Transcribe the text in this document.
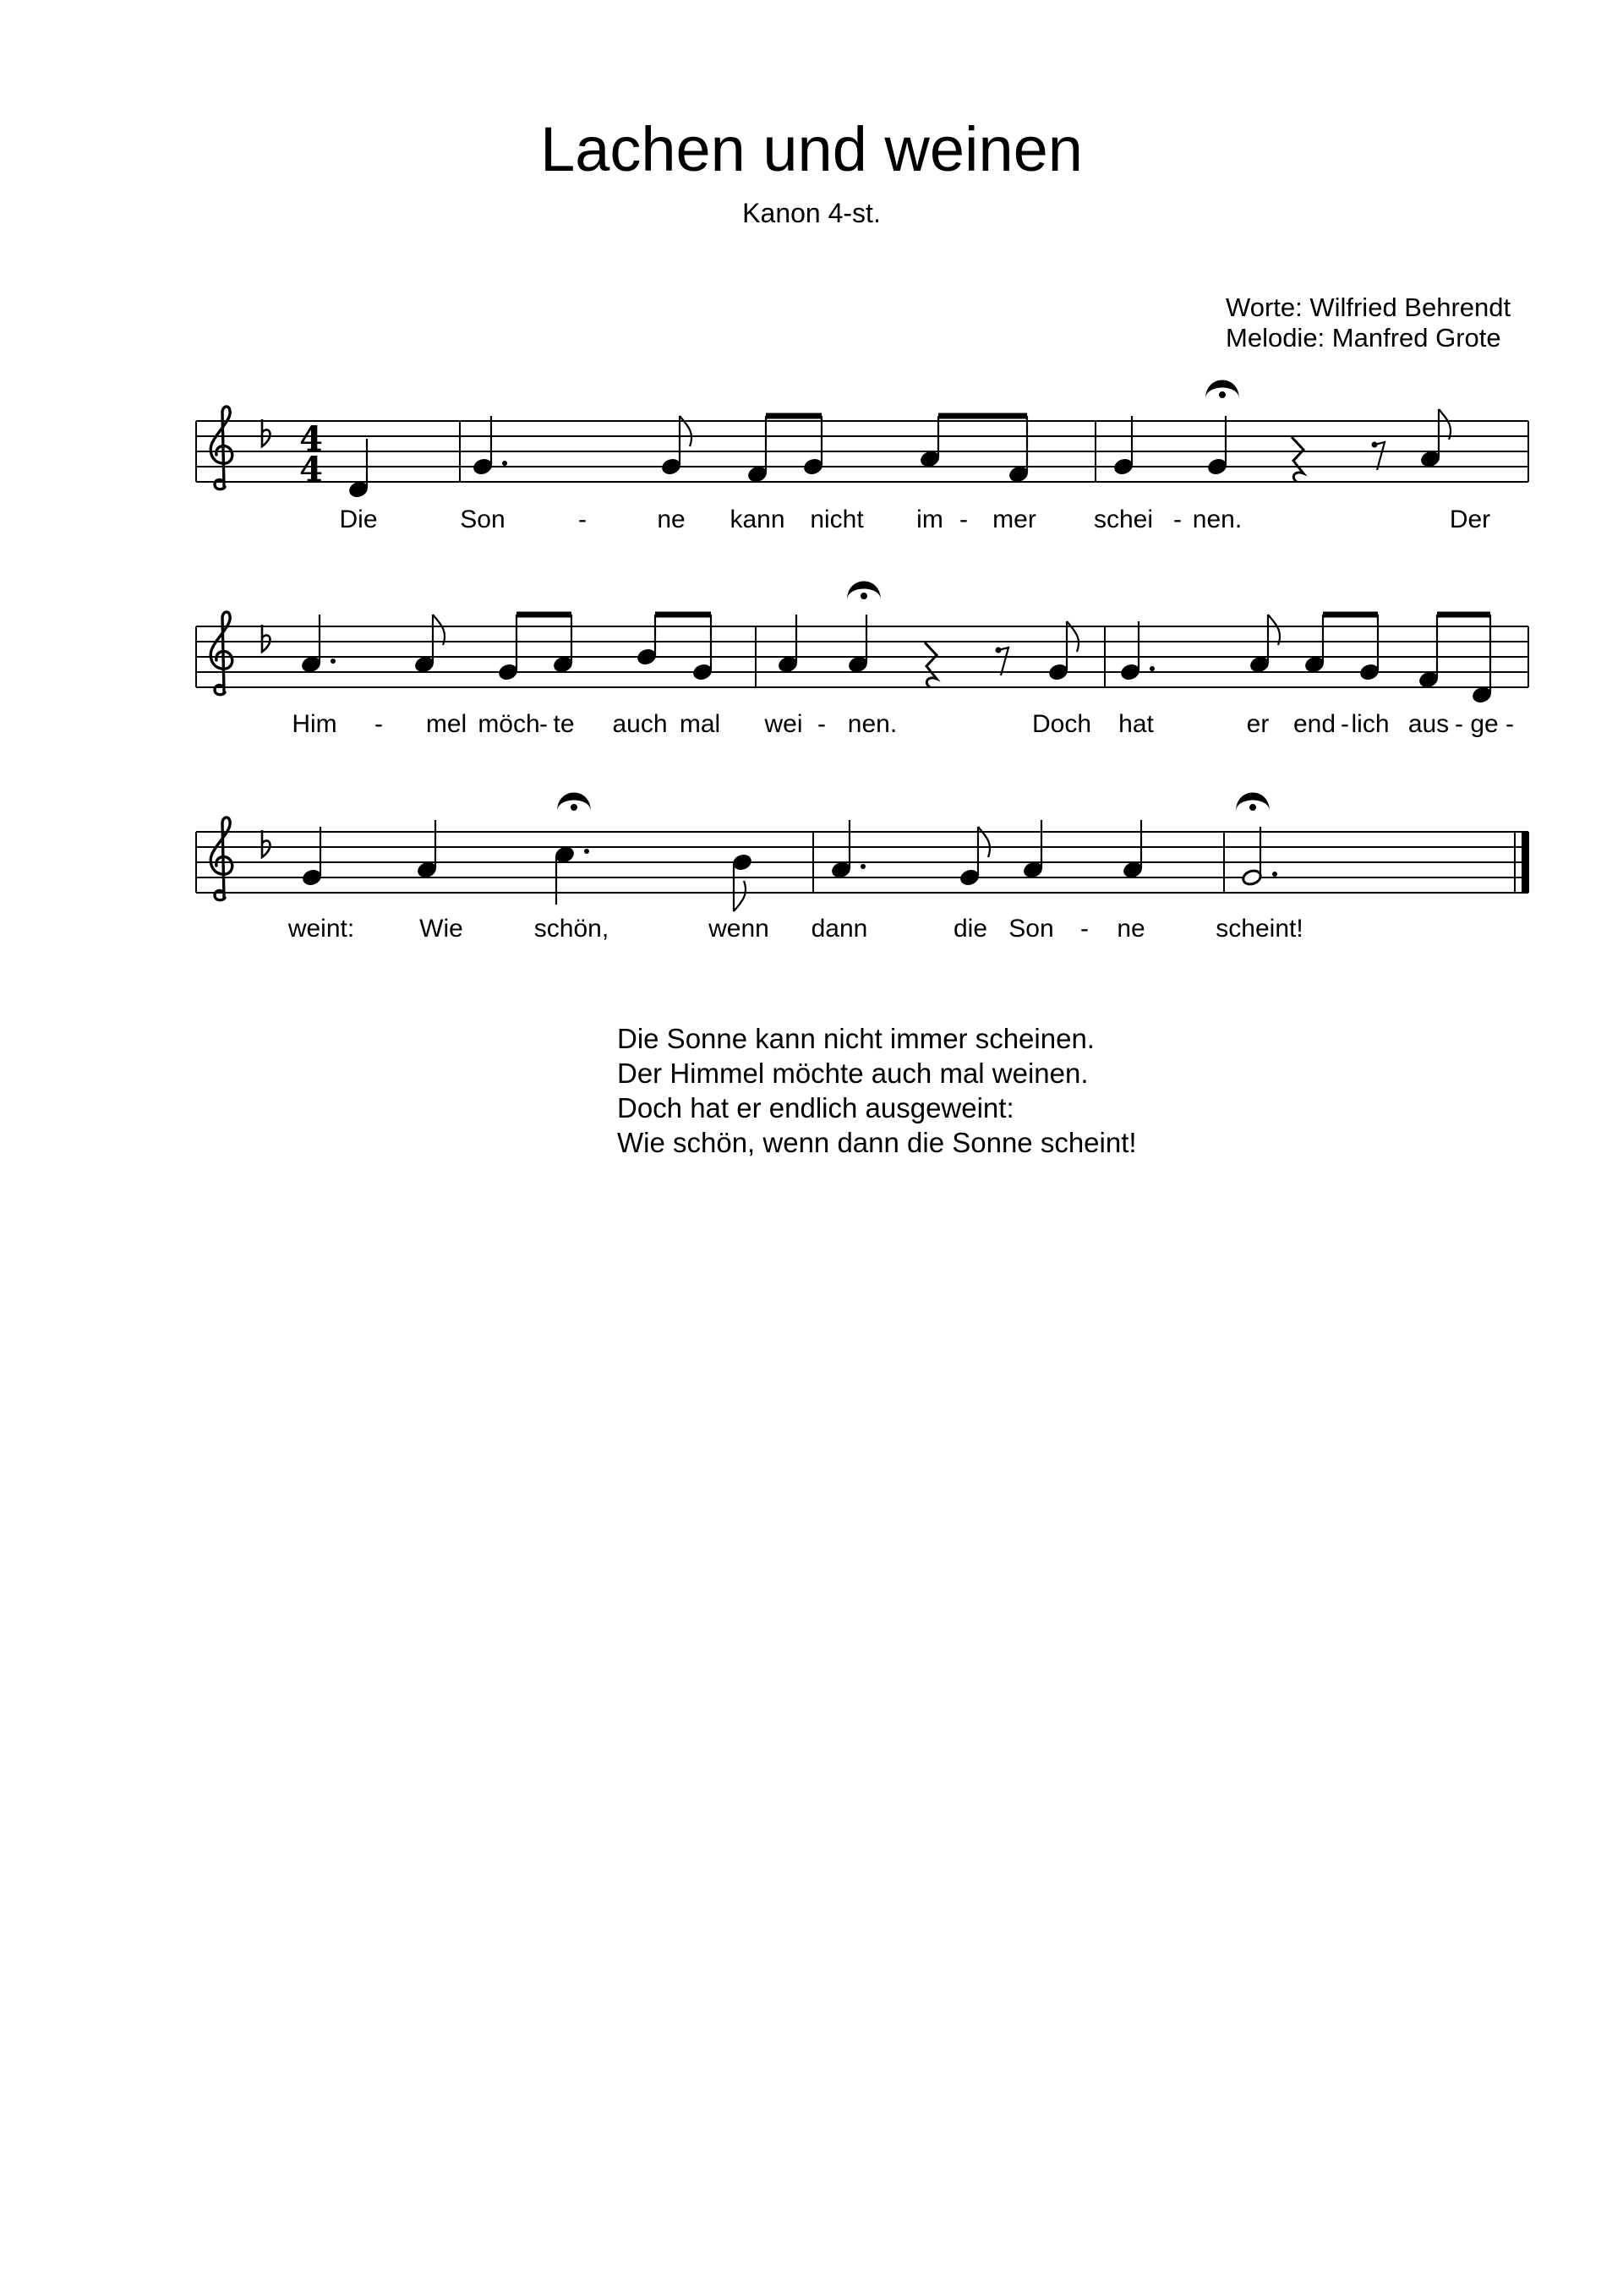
Lachen und weinen
Kanon 4-st.
Worte: Wilfried Behrendt
Melodie: Manfred Grote
4
4
Die	Son	-	ne kann nicht im - mer schei - nen.	Der
Him - mel möch - te auch mal wei - nen.	Doch hat	er end - lich aus - ge -
weint:	Wie	schön,	wenn dann	die Son - ne	scheint!
Die Sonne kann nicht immer scheinen.
Der Himmel möchte auch mal weinen.
Doch hat er endlich ausgeweint:
Wie schön, wenn dann die Sonne scheint!
